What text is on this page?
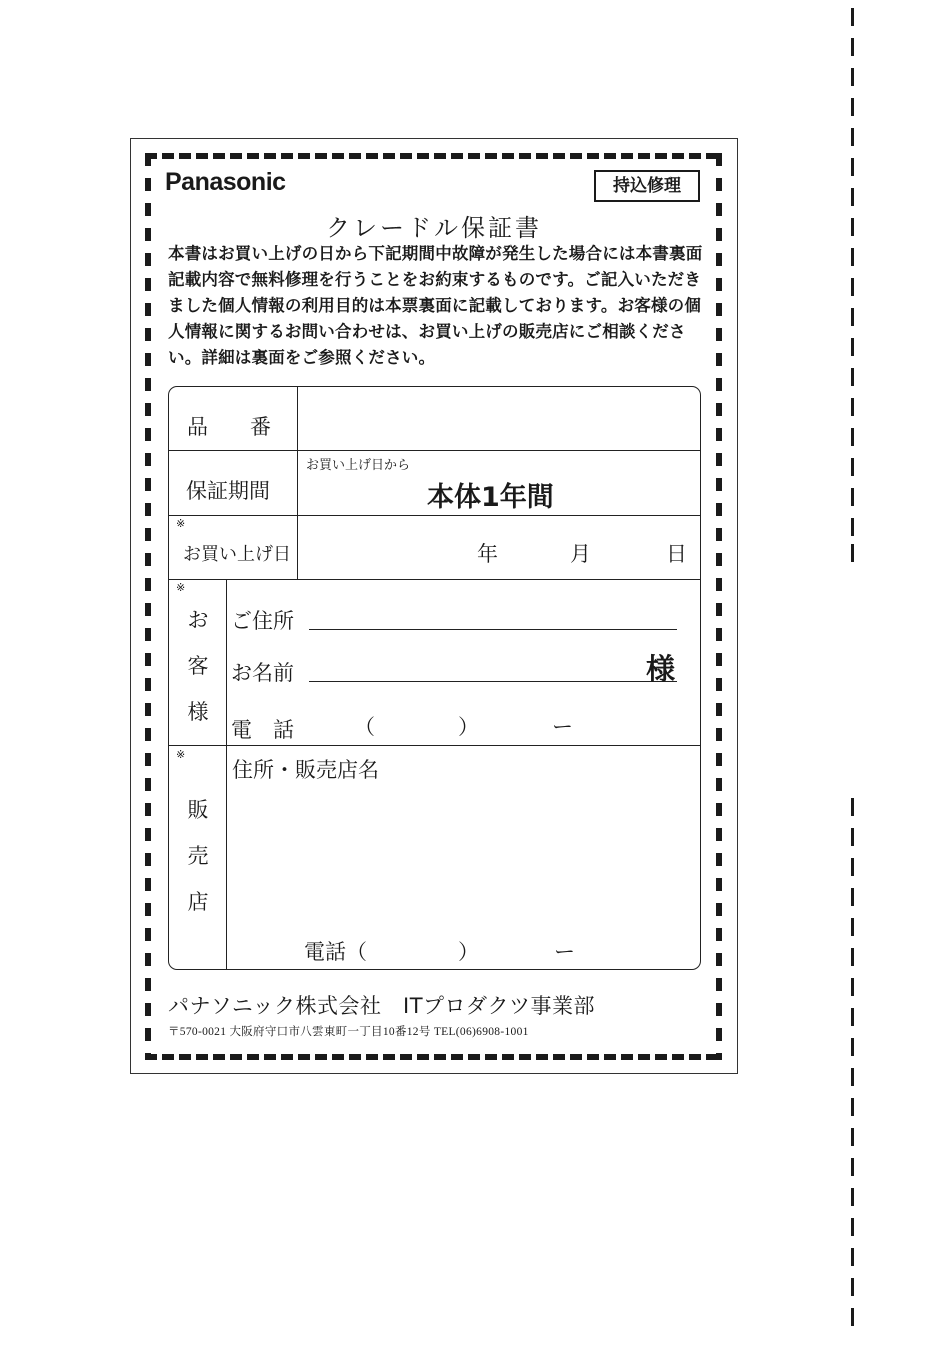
Panasonic	持込修理
クレードル保証書

本書はお買い上げの日から下記期間中故障が発生した場合には本書裏面記載内容で無料修理を行うことをお約束するものです。ご記入いただきました個人情報の利用目的は本票裏面に記載しております。お客様の個人情報に関するお問い合わせは、お買い上げの販売店にご相談ください。詳細は裏面をご参照ください。

品　　番
保証期間
お買い上げ日から
本体1年間
※
お買い上げ日	年	月	日
※
お
客
様
ご住所
お名前	様
電　話	（	）	ー
※
販
売
店
住所・販売店名
電話（	）	ー
パナソニック株式会社　ITプロダクツ事業部
〒570-0021 大阪府守口市八雲東町一丁目10番12号 TEL(06)6908-1001
